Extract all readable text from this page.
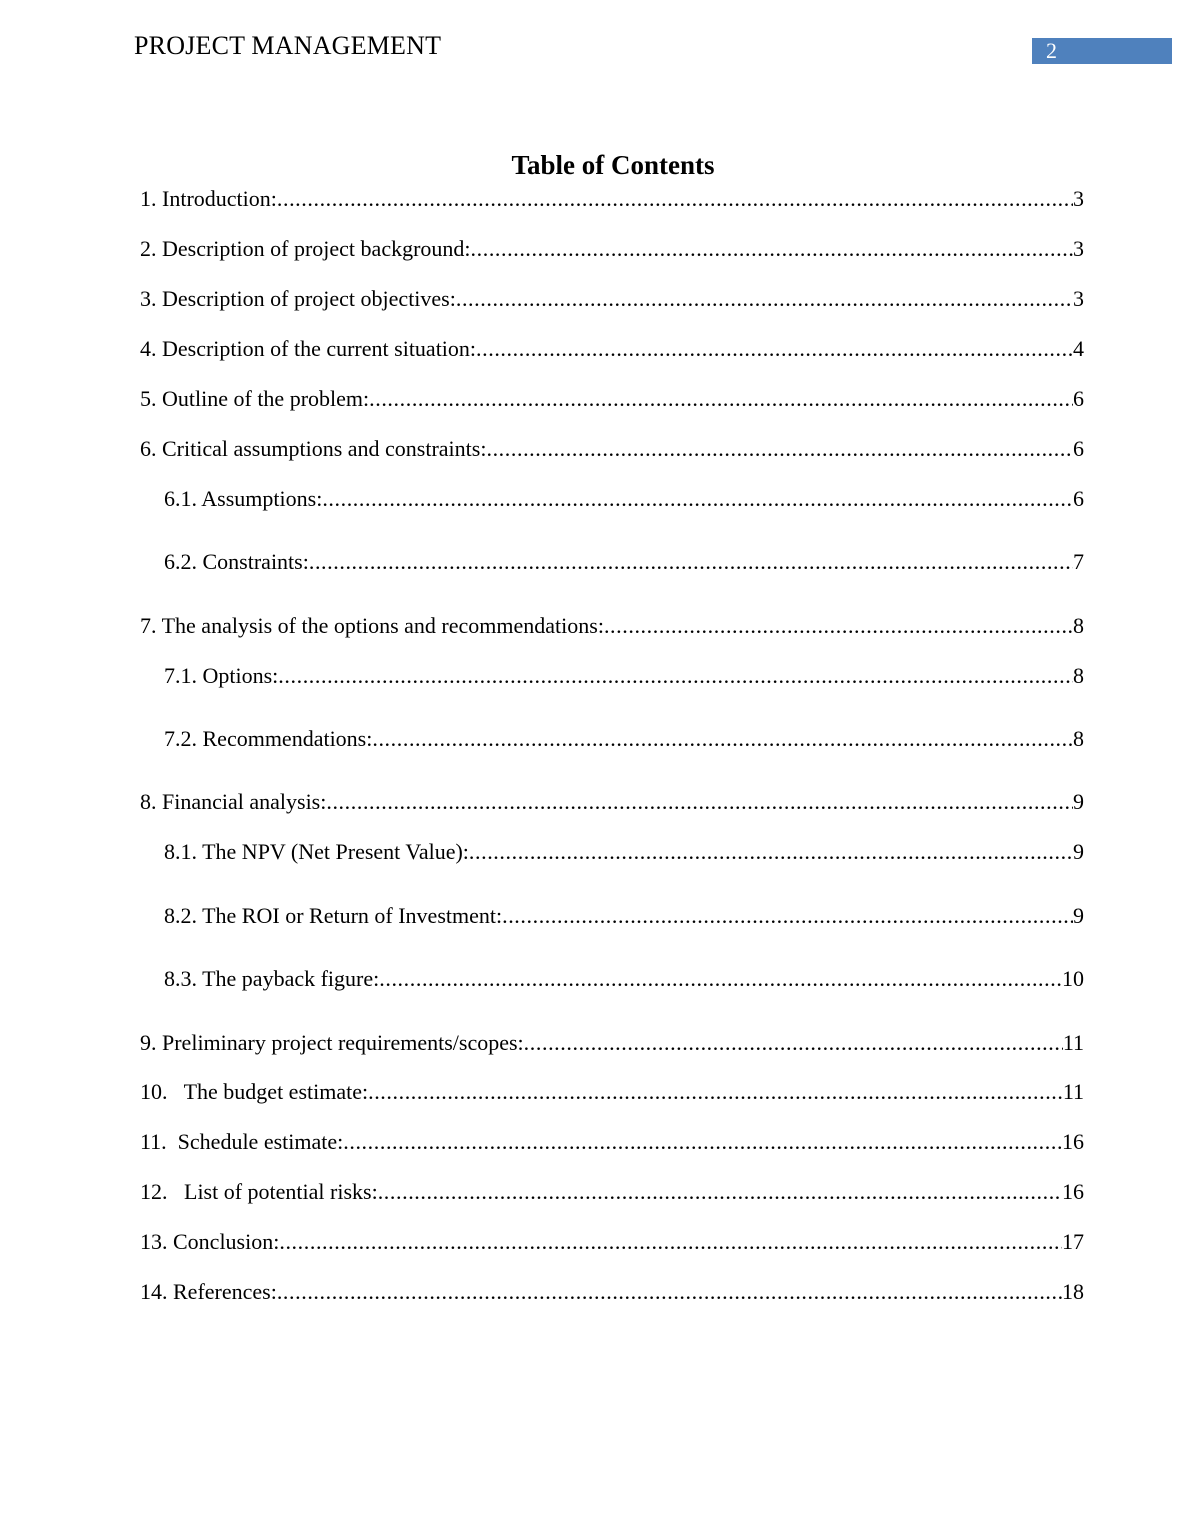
PROJECT MANAGEMENT	2
Table of Contents
1. Introduction: .....	3
2. Description of project background: .....	3
3. Description of project objectives: .....	3
4. Description of the current situation: .....	4
5. Outline of the problem: .....	6
6. Critical assumptions and constraints: .....	6
6.1. Assumptions: .....	6
6.2. Constraints: .....	7
7. The analysis of the options and recommendations: .....	8
7.1. Options: .....	8
7.2. Recommendations: .....	8
8. Financial analysis: .....	9
8.1. The NPV (Net Present Value): .....	9
8.2. The ROI or Return of Investment: .....	9
8.3. The payback figure: .....	10
9. Preliminary project requirements/scopes: .....	11
10.   The budget estimate: .....	11
11.  Schedule estimate: .....	16
12.   List of potential risks: .....	16
13. Conclusion: .....	17
14. References: .....	18
